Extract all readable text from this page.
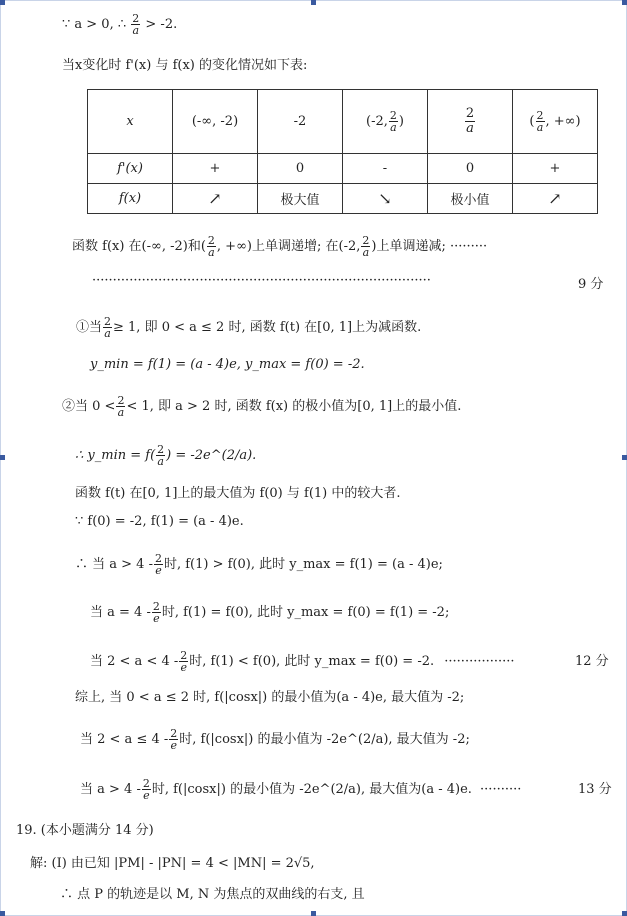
∵ a > 0, ∴ $\frac{2}{a} > -2$.
当x变化时 f'(x) 与 f(x) 的变化情况如下表:
x	(-∞, -2)	-2	(-2, $\frac{2}{a}$ )	$\frac{2}{a}$	( $\frac{2}{a}$ , +∞)
f'(x)	+	0	-	0	+
f(x)	↗	极大值	↘	极小值	↗
函数 f(x) 在(-∞, -2)和( $\frac{2}{a}$ , +∞)上单调递增; 在(-2, $\frac{2}{a}$ )上单调递减; ·········
··················································································	9 分
①当 $\frac{2}{a} \ge 1$, 即 0 < a ≤ 2 时, 函数 f(t) 在[0, 1]上为减函数.
y_min = f(1) = (a - 4)e, y_max = f(0) = -2.
②当 $0 < \frac{2}{a} < 1$, 即 a > 2 时, 函数 f(x) 的极小值为[0, 1]上的最小值.
∴ y_min = $f( \frac{2}{a}$ ) = -2e^(2/a).
函数 f(t) 在[0, 1]上的最大值为 f(0) 与 f(1) 中的较大者.
∵ f(0) = -2, f(1) = (a - 4)e.
∴ 当 $a > 4 - \frac{2}{e}$ 时, f(1) > f(0), 此时 y_max = f(1) = (a - 4)e;
当 $a = 4 - \frac{2}{e}$ 时, f(1) = f(0), 此时 y_max = f(0) = f(1) = -2;
当 $2 < a < 4 - \frac{2}{e}$ 时, f(1) < f(0), 此时 y_max = f(0) = -2. ·················	12 分
综上, 当 0 < a ≤ 2 时, f(|cosx|) 的最小值为(a - 4)e, 最大值为 -2;
当 $2 < a \le 4 - \frac{2}{e}$ 时, f(|cosx|) 的最小值为 -2e^(2/a), 最大值为 -2;
当 $a > 4 - \frac{2}{e}$ 时, f(|cosx|) 的最小值为 -2e^(2/a), 最大值为(a - 4)e. ··········	13 分
19. (本小题满分 14 分)
解: (Ⅰ) 由已知 |PM| - |PN| = 4 < |MN| = 2√5,
∴ 点 P 的轨迹是以 M, N 为焦点的双曲线的右支, 且
